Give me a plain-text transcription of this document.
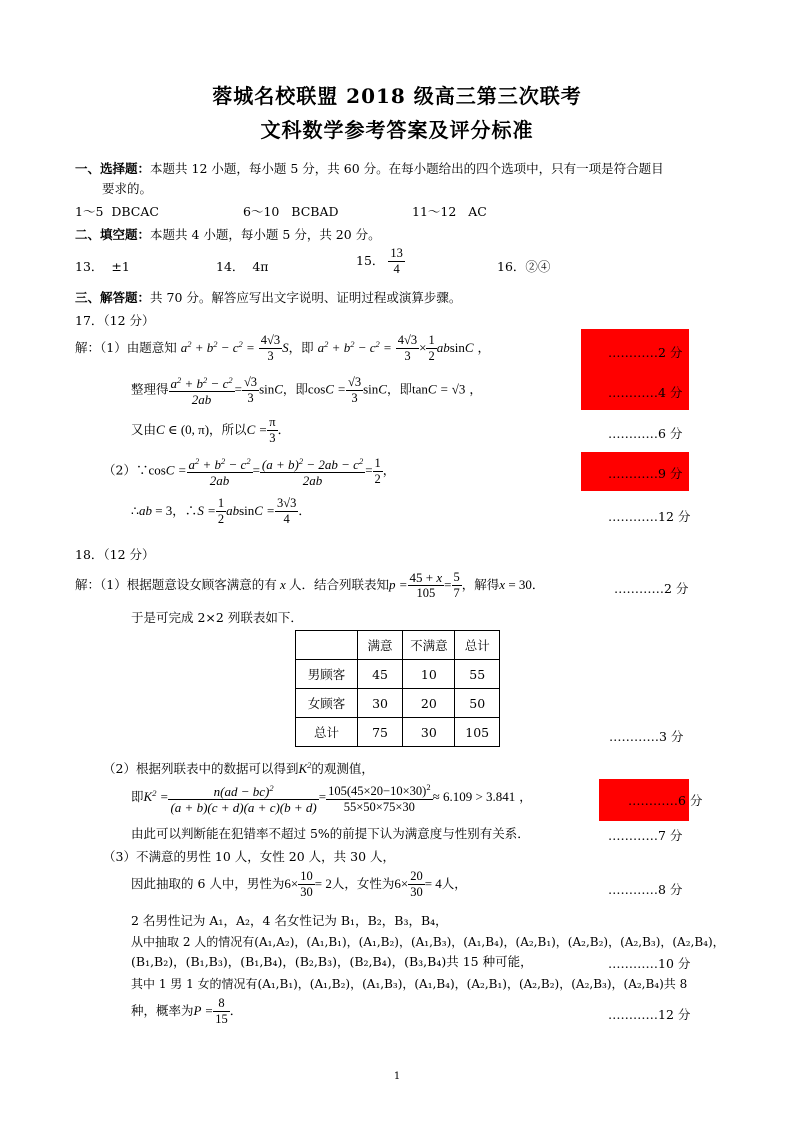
蓉城名校联盟 2018 级高三第三次联考
文科数学参考答案及评分标准
一、选择题：本题共 12 小题，每小题 5 分，共 60 分。在每小题给出的四个选项中，只有一项是符合题目
要求的。
1～5 DBCAC	6～10 BCBAD	11～12 AC
二、填空题：本题共 4 小题，每小题 5 分，共 20 分。
13． ±1	14． 4π	15． $\frac{13}{4}$	16．②④
三、解答题：共 70 分。解答应写出文字说明、证明过程或演算步骤。
17．（12 分）
解：（1）由题意知 $a^2 + b^2 - c^2 = \frac{4√3}{3}$ S，即 $a^2 + b^2 - c^2 = \frac{4√3}{3} \times \frac{1}{2}$ absinC ，	…………2 分
整理得 $\frac{a^2 + b^2 - c^2}{2ab} = \frac{√3}{3}$ sinC，即$\cos C = \frac{√3}{3}$ sinC，即tanC = √3 ，	…………4 分
又由C ∈ (0, π)，所以$C = \frac{\pi}{3}$ ．	…………6 分
（2）∵cosC = $\frac{a^2 + b^2 - c^2}{2ab} = \frac{(a + b)^2 - 2ab - c^2}{2ab} = \frac{1}{2}$ ，	…………9 分
∴ab = 3，∴S = $\frac{1}{2}$ $absinC = \frac{3√3}{4}$ ．	…………12 分
18．（12 分）
解：（1）根据题意设女顾客满意的有 x 人．结合列联表知$p = \frac{45 + x}{105} = \frac{5}{7}$ ，解得x = 30．	…………2 分
于是可完成 2×2 列联表如下．
	满意	不满意	总计
男顾客	45	10	55
女顾客	30	20	50
总计	75	30	105	…………3 分
（2）根据列联表中的数据可以得到$K^2$的观测值，
即$K^2 = \frac{n(ad - bc)^2}{(a + b)(c + d)(a + c)(b + d)} = \frac{105(45\times 20-10\times 30)^2}{55\times 50\times 75\times 30} \approx 6.109 > 3.841$ ，	…………6 分
由此可以判断能在犯错率不超过 5%的前提下认为满意度与性别有关系．	…………7 分
（3）不满意的男性 10 人，女性 20 人，共 30 人，
因此抽取的 6 人中，男性为$6\times \frac{10}{30} = 2$人，女性为$6\times \frac{20}{30} = 4$人，	…………8 分
2 名男性记为 A₁，A₂，4 名女性记为 B₁，B₂，B₃，B₄，
从中抽取 2 人的情况有(A₁,A₂)，(A₁,B₁)，(A₁,B₂)，(A₁,B₃)，(A₁,B₄)，(A₂,B₁)，(A₂,B₂)，(A₂,B₃)，(A₂,B₄)，
(B₁,B₂)，(B₁,B₃)，(B₁,B₄)，(B₂,B₃)，(B₂,B₄)，(B₃,B₄)共 15 种可能，	…………10 分
其中 1 男 1 女的情况有(A₁,B₁)，(A₁,B₂)，(A₁,B₃)，(A₁,B₄)，(A₂,B₁)，(A₂,B₂)，(A₂,B₃)，(A₂,B₄)共 8
种，概率为$P = \frac{8}{15}$ ．	…………12 分
1
